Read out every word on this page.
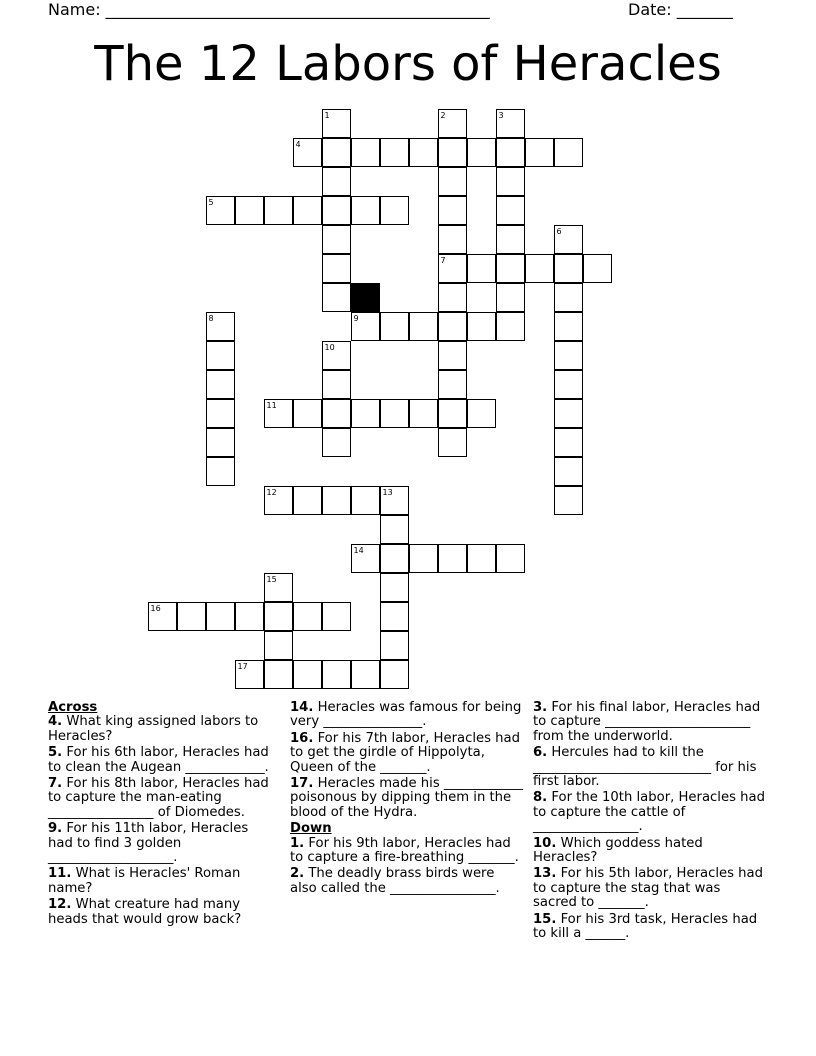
Name: ________________________________________________	Date: _______
The 12 Labors of Heracles
1	2	3
4
5
6
7
8	9
10
11
12	13
14
15
16
17
Across
4. What king assigned labors to Heracles?
5. For his 6th labor, Heracles had to clean the Augean ____________.
7. For his 8th labor, Heracles had to capture the man-eating ________________ of Diomedes.
9. For his 11th labor, Heracles had to find 3 golden ___________________.
11. What is Heracles' Roman name?
12. What creature had many heads that would grow back?
14. Heracles was famous for being very _______________.
16. For his 7th labor, Heracles had to get the girdle of Hippolyta, Queen of the _______.
17. Heracles made his ____________ poisonous by dipping them in the blood of the Hydra.
Down
1. For his 9th labor, Heracles had to capture a fire-breathing _______.
2. The deadly brass birds were also called the ________________.
3. For his final labor, Heracles had to capture ______________________ from the underworld.
6. Hercules had to kill the ___________________________ for his first labor.
8. For the 10th labor, Heracles had to capture the cattle of ________________.
10. Which goddess hated Heracles?
13. For his 5th labor, Heracles had to capture the stag that was sacred to _______.
15. For his 3rd task, Heracles had to kill a ______.
